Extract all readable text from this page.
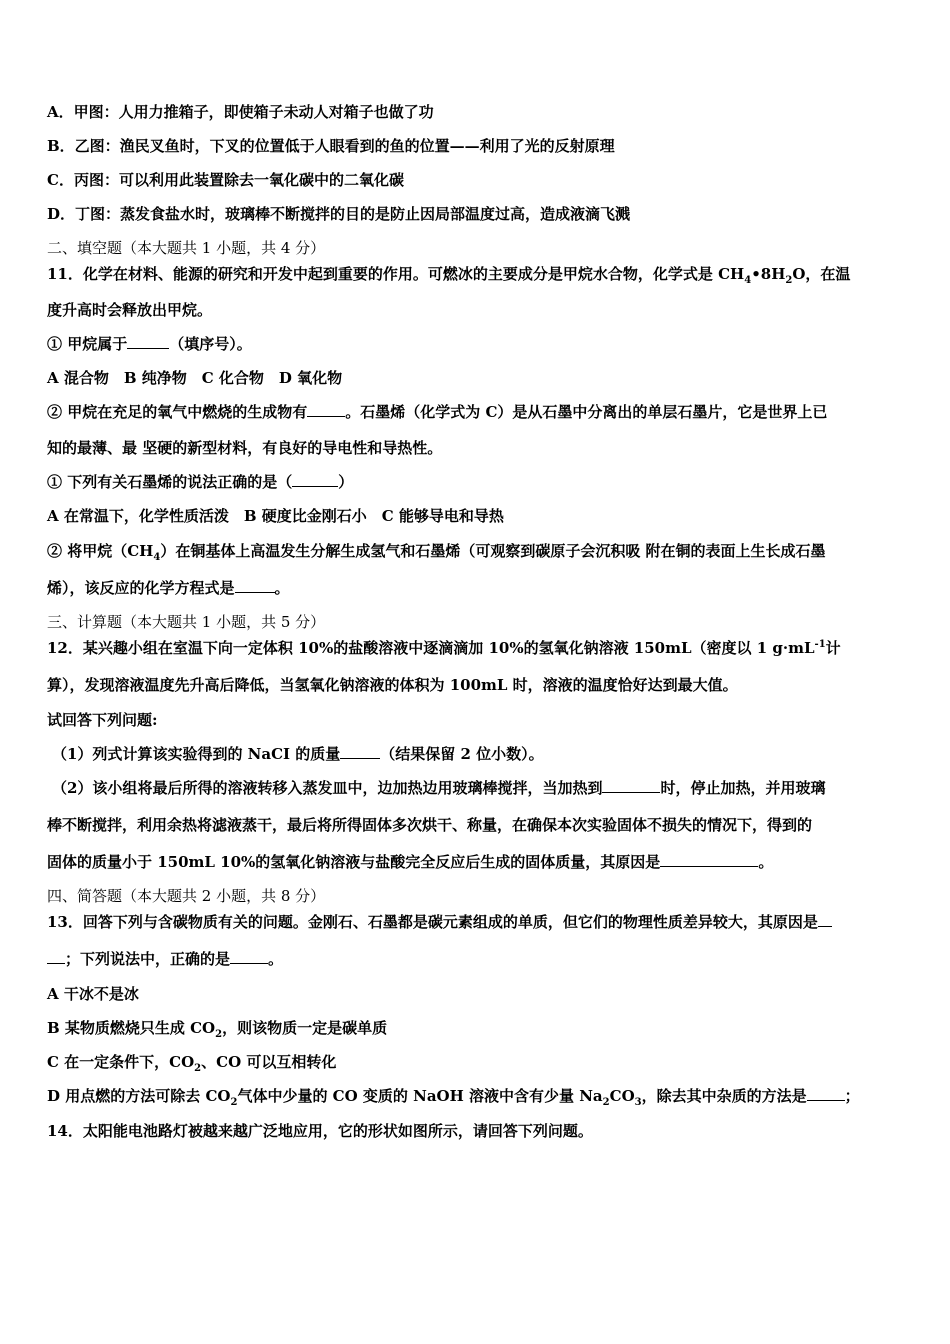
A．甲图：人用力推箱子，即使箱子未动人对箱子也做了功
B．乙图：渔民叉鱼时，下叉的位置低于人眼看到的鱼的位置——利用了光的反射原理
C．丙图：可以利用此装置除去一氧化碳中的二氧化碳
D．丁图：蒸发食盐水时，玻璃棒不断搅拌的目的是防止因局部温度过高，造成液滴飞溅
二、填空题（本大题共 1 小题，共 4 分）
11．化学在材料、能源的研究和开发中起到重要的作用。可燃冰的主要成分是甲烷水合物，化学式是 $CH_4•8H_2O$，在温
度升高时会释放出甲烷。
① 甲烷属于	（填序号）。
A 混合物　B 纯净物　C 化合物　D 氧化物
② 甲烷在充足的氧气中燃烧的生成物有	。石墨烯（化学式为 C）是从石墨中分离出的单层石墨片，它是世界上已
知的最薄、最 坚硬的新型材料，有良好的导电性和导热性。
① 下列有关石墨烯的说法正确的是（	）
A 在常温下，化学性质活泼　B 硬度比金刚石小　C 能够导电和导热
② 将甲烷$(CH_4)$在铜基体上高温发生分解生成氢气和石墨烯（可观察到碳原子会沉积吸 附在铜的表面上生长成石墨
烯），该反应的化学方程式是	。
三、计算题（本大题共 1 小题，共 5 分）
12．某兴趣小组在室温下向一定体积 10%的盐酸溶液中逐滴滴加 10%的氢氧化钠溶液 150mL（密度以 1 $g\cdot mL^{-1}$计
算），发现溶液温度先升高后降低，当氢氧化钠溶液的体积为 100mL 时，溶液的温度恰好达到最大值。
试回答下列问题:
（1）列式计算该实验得到的 NaCI 的质量	（结果保留 2 位小数）。
（2）该小组将最后所得的溶液转移入蒸发皿中，边加热边用玻璃棒搅拌，当加热到	时，停止加热，并用玻璃
棒不断搅拌，利用余热将滤液蒸干，最后将所得固体多次烘干、称量，在确保本次实验固体不损失的情况下，得到的
固体的质量小于 150mL 10%的氢氧化钠溶液与盐酸完全反应后生成的固体质量，其原因是	。
四、简答题（本大题共 2 小题，共 8 分）
13．回答下列与含碳物质有关的问题。金刚石、石墨都是碳元素组成的单质，但它们的物理性质差异较大，其原因是
；下列说法中，正确的是	。
A 干冰不是冰
B 某物质燃烧只生成 $CO_2$，则该物质一定是碳单质
C 在一定条件下，$CO_2$、CO 可以互相转化
D 用点燃的方法可除去 $CO_2$气体中少量的 CO 变质的 NaOH 溶液中含有少量 $Na_2CO_3$，除去其中杂质的方法是	；
14．太阳能电池路灯被越来越广泛地应用，它的形状如图所示，请回答下列问题。
